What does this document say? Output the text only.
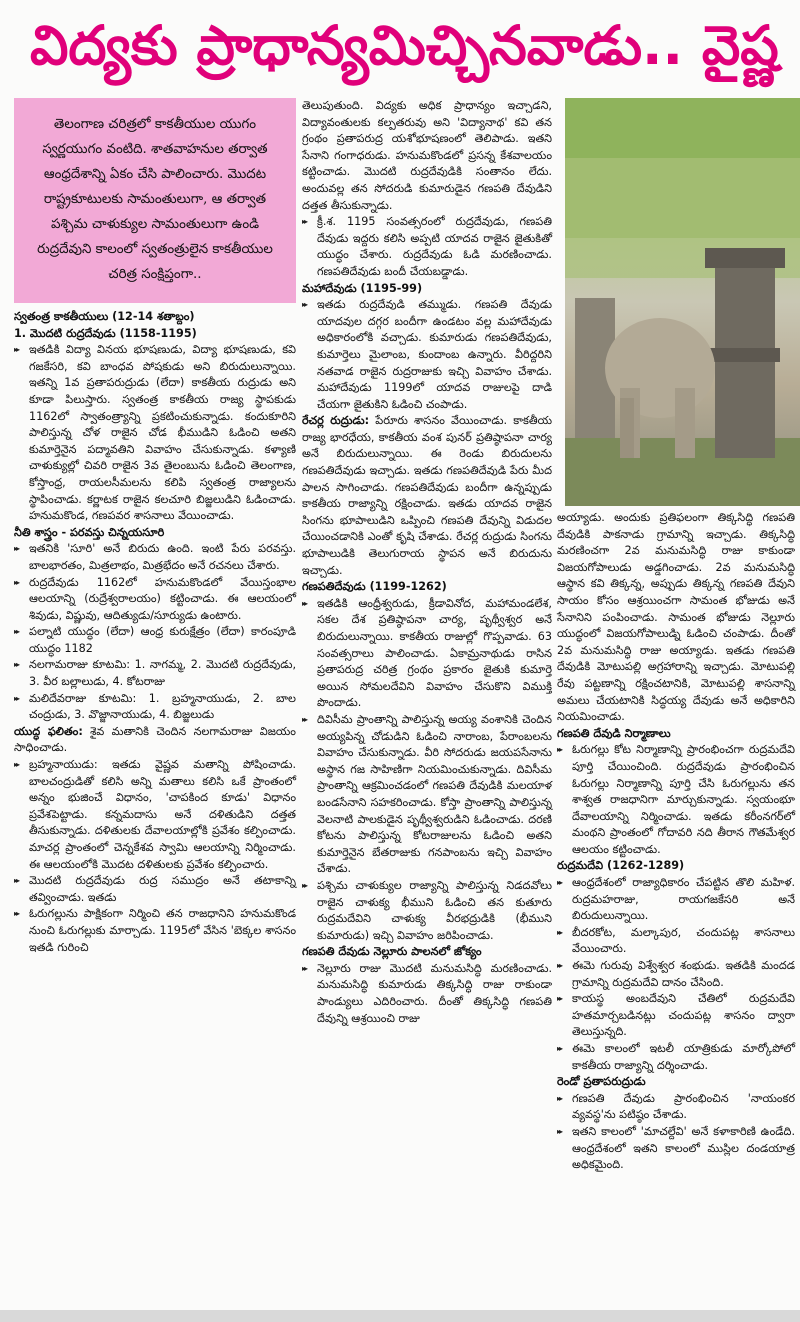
విద్యకు ప్రాధాన్యమిచ్చినవాడు.. వైష్ణ
తెలంగాణ చరిత్రలో కాకతీయుల యుగం స్వర్ణయుగం వంటిది. శాతవాహనుల తర్వాత ఆంధ్రదేశాన్ని ఏకం చేసి పాలించారు. మొదట రాష్ట్రకూటులకు సామంతులుగా, ఆ తర్వాత పశ్చిమ చాళుక్యుల సామంతులుగా ఉండి రుద్రదేవుని కాలంలో స్వతంత్రులైన కాకతీయుల చరిత్ర సంక్షిప్తంగా..
స్వతంత్ర కాకతీయులు (12-14 శతాబ్దం)
1. మొదటి రుద్రదేవుడు (1158-1195)

▸▸ ఇతడికి విద్యా వినయ భూషణుడు, విద్యా భూషణుడు, కవి గజకేసరి, కవి బాంధవ పోషకుడు అని బిరుదులున్నాయి. ఇతన్ని 1వ ప్రతాపరుద్రుడు (లేదా) కాకతీయ రుద్రుడు అని కూడా పిలుస్తారు. స్వతంత్ర కాకతీయ రాజ్య స్థాపకుడు 1162లో స్వాతంత్ర్యాన్ని ప్రకటించుకున్నాడు. కందుకూరిని పాలిస్తున్న చోళ రాజైన చోడ భీముడిని ఓడించి అతని కుమార్తెనైన పద్మావతిని వివాహం చేసుకున్నాడు. కళ్యాణి చాళుక్యుల్లో చివరి రాజైన 3వ తైలంబును ఓడించి తెలంగాణ, కోస్తాంధ్ర, రాయలసీమలను కలిపి స్వతంత్ర రాజ్యాలను స్థాపించాడు. కర్ణాటక రాజైన కలచూరి బిజ్జలుడిని ఓడించాడు. హనుమకొండ, గణపవర శాసనాలు వేయించాడు.

నీతి శాస్త్రం - పరవస్తు చిన్నయసూరి

▸▸ ఇతనికి 'సూరి' అనే బిరుదు ఉంది. ఇంటి పేరు పరవస్తు. బాలభారతం, మిత్రలాభం, మిత్రభేదం అనే రచనలు చేశారు.

▸▸ రుద్రదేవుడు 1162లో హనుమకొండలో వేయిస్తంభాల ఆలయాన్ని (రుద్రేశ్వరాలయం) కట్టించాడు. ఈ ఆలయంలో శివుడు, విష్ణువు, ఆదిత్యుడు/సూర్యుడు ఉంటారు.

▸▸ పల్నాటి యుద్ధం (లేదా) ఆంధ్ర కురుక్షేత్రం (లేదా) కారంపూడి యుద్ధం 1182

▸▸ నలగామరాజు కూటమి: 1. నాగమ్మ, 2. మొదటి రుద్రదేవుడు, 3. వీర బల్లాలుడు, 4. కోటరాజు

▸▸ మలిదేవరాజు కూటమి: 1. బ్రహ్మనాయుడు, 2. బాల చంద్రుడు, 3. వొజ్జానాయుడు, 4. బిజ్జలుడు

యుద్ధ ఫలితం: శైవ మతానికి చెందిన నలగామరాజు విజయం సాధించాడు.

▸▸ బ్రహ్మనాయుడు: ఇతడు వైష్ణవ మతాన్ని పోషించాడు. బాలచంద్రుడితో కలిసి అన్ని మతాలు కలిసి ఒకే ప్రాంతంలో అన్నం భుజించే విధానం, 'చాపకింద కూడు' విధానం ప్రవేశపెట్టాడు. కన్నమదాసు అనే దళితుడిని దత్తత తీసుకున్నాడు. దళితులకు దేవాలయాల్లోకి ప్రవేశం కల్పించాడు. మాచర్ల ప్రాంతంలో చెన్నకేశవ స్వామి ఆలయాన్ని నిర్మించాడు. ఈ ఆలయంలోకి మొదట దళితులకు ప్రవేశం కల్పించారు.

▸▸ మొదటి రుద్రదేవుడు రుద్ర సముద్రం అనే తటాకాన్ని తవ్వించాడు. ఇతడు

▸▸ ఓరుగల్లును పాక్షికంగా నిర్మించి తన రాజధానిని హనుమకొండ నుంచి ఓరుగల్లుకు మార్చాడు. 1195లో వేసిన 'బెక్కల శాసనం ఇతడి గురించి

తెలుపుతుంది. విద్యకు అధిక ప్రాధాన్యం ఇచ్చాడని, విద్యావంతులకు కల్పతరువు అని 'విద్యానాథ' కవి తన గ్రంథం ప్రతాపరుద్ర యశోభూషణంలో తెలిపాడు. ఇతని సేనాని గంగాధరుడు. హనుమకొండలో ప్రసన్న కేశవాలయం కట్టించాడు. మొదటి రుద్రదేవుడికి సంతానం లేదు. అందువల్ల తన సోదరుడి కుమారుడైన గణపతి దేవుడిని దత్తత తీసుకున్నాడు.

▸▸ క్రీ.శ. 1195 సంవత్సరంలో రుద్రదేవుడు, గణపతి దేవుడు ఇద్దరు కలిసి అప్పటి యాదవ రాజైన జైతుకితో యుద్ధం చేశారు. రుద్రదేవుడు ఓడి మరణించాడు. గణపతిదేవుడు బందీ చేయబడ్డాడు.

మహాదేవుడు (1195-99)

▸▸ ఇతడు రుద్రదేవుడి తమ్ముడు. గణపతి దేవుడు యాదవుల దగ్గర బందీగా ఉండటం వల్ల మహాదేవుడు అధికారంలోకి వచ్చాడు. కుమారుడు గణపతిదేవుడు, కుమార్తెలు మైలాంబ, కుందాంబ ఉన్నారు. వీరిద్దరిని నతవాడ రాజైన రుద్రరాజుకు ఇచ్చి వివాహం చేశాడు. మహాదేవుడు 1199లో యాదవ రాజులపై దాడి చేయగా జైతుకిని ఓడించి చంపాడు.

రేచర్ల రుద్రుడు: పేరూరు శాసనం వేయించాడు. కాకతీయ రాజ్య భారధేయ, కాకతీయ వంశ పునర్ ప్రతిష్ఠాపనా చార్య అనే బిరుదులున్నాయి. ఈ రెండు బిరుదులను గణపతిదేవుడు ఇచ్చాడు. ఇతడు గణపతిదేవుడి పేరు మీద పాలన సాగించాడు. గణపతిదేవుడు బందీగా ఉన్నప్పుడు కాకతీయ రాజ్యాన్ని రక్షించాడు. ఇతడు యాదవ రాజైన సింగను భూపాలుడిని ఒప్పించి గణపతి దేవున్ని విడుదల చేయించడానికి ఎంతో కృషి చేశాడు. రేచర్ల రుద్రుడు సింగను భూపాలుడికి తెలుగురాయ స్థాపన అనే బిరుదును ఇచ్చాడు.

గణపతిదేవుడు (1199-1262)

▸▸ ఇతడికి ఆంధ్రీశ్వరుడు, క్రీడావినోద, మహామండలేశ, సకల దేశ ప్రతిష్ఠాపనా చార్య, పృథ్వీశ్వర అనే బిరుదులున్నాయి. కాకతీయ రాజుల్లో గొప్పవాడు. 63 సంవత్సరాలు పాలించాడు. ఏకామ్రనాథుడు రాసిన ప్రతాపరుద్ర చరిత్ర గ్రంథం ప్రకారం జైతుకి కుమార్తె అయిన సోమలదేవిని వివాహం చేసుకొని విముక్తి పొందాడు.

▸▸ దివిసీమ ప్రాంతాన్ని పాలిస్తున్న అయ్య వంశానికి చెందిన అయ్యపిన్న చోడుడిని ఓడించి నారాంబ, పేరాంబలను వివాహం చేసుకున్నాడు. వీరి సోదరుడు జయపసేనాను అస్థాన గజ సాహిణిగా నియమించుకున్నాడు. దివిసీమ ప్రాంతాన్ని ఆక్రమించడంలో గణపతి దేవుడికి మలయాళ బండసేనాని సహకరించాడు. కోస్తా ప్రాంతాన్ని పాలిస్తున్న వెలనాటి పాలకుడైన పృథ్వీశ్వరుడిని ఓడించాడు. దరణి కోటను పాలిస్తున్న కోటరాజులను ఓడించి అతని కుమార్తెనైన బేతరాజుకు గనపాంబను ఇచ్చి వివాహం చేశాడు.

▸▸ పశ్చిమ చాళుక్యుల రాజ్యాన్ని పాలిస్తున్న నిడదవోలు రాజైన చాళుక్య భీముని ఓడించి తన కుతూరు రుద్రమదేవిని చాళుక్య వీరభద్రుడికి (భీముని కుమారుడు) ఇచ్చి వివాహం జరిపించాడు.

గణపతి దేవుడు నెల్లూరు పాలనలో జోక్యం

▸▸ నెల్లూరు రాజు మొదటి మనుమసిద్ధి మరణించాడు. మనుమసిద్ధి కుమారుడు తిక్కసిద్ధి రాజు రాకుండా పాండ్యులు ఎదిరించారు. దీంతో తిక్కసిద్ధి గణపతి దేవున్ని ఆశ్రయించి రాజు

అయ్యాడు. అందుకు ప్రతిఫలంగా తిక్కసిద్ధి గణపతి దేవుడికి పాకనాడు గ్రామాన్ని ఇచ్చాడు. తిక్కసిద్ధి మరణించగా 2వ మనుమసిద్ధి రాజు కాకుండా విజయగోపాలుడు అడ్డగించాడు. 2వ మనుమసిద్ధి ఆస్థాన కవి తిక్కన్న, అప్పుడు తిక్కన్న గణపతి దేవుని సాయం కోసం ఆశ్రయించగా సామంత భోజుడు అనే సేనానిని పంపించాడు. సామంత భోజుడు నెల్లూరు యుద్ధంలో విజయగోపాలుడ్ని ఓడించి చంపాడు. దీంతో 2వ మనుమసిద్ధి రాజు అయ్యాడు. ఇతడు గణపతి దేవుడికి మోటుపల్లి అగ్రహారాన్ని ఇచ్చాడు. మోటుపల్లి రేవు పట్టణాన్ని రక్షించటానికి, మోటుపల్లి శాసనాన్ని అమలు చేయటానికి సిద్ధయ్య దేవుడు అనే అధికారిని నియమించాడు.

గణపతి దేవుడి నిర్మాణాలు

▸▸ ఓరుగల్లు కోట నిర్మాణాన్ని ప్రారంభించగా రుద్రమదేవి పూర్తి చేయించింది. రుద్రదేవుడు ప్రారంభించిన ఓరుగల్లు నిర్మాణాన్ని పూర్తి చేసి ఓరుగల్లును తన శాశ్వత రాజధానిగా మార్చుకున్నాడు. స్వయంభూ దేవాలయాన్ని నిర్మించాడు. ఇతడు కరీంనగర్‌లో మంథని ప్రాంతంలో గోదావరి నది తీరాన గౌతమేశ్వర ఆలయం కట్టించాడు.

రుద్రమదేవి (1262-1289)

▸▸ ఆంధ్రదేశంలో రాజ్యాధికారం చేపట్టిన తొలి మహిళ. రుద్రమహరాజు, రాయగజకేసరి అనే బిరుదులున్నాయి.

▸▸ బీదరకోట, మల్కాపుర, చందుపట్ల శాసనాలు వేయించారు.

▸▸ ఈమె గురువు విశ్వేశ్వర శంభుడు. ఇతడికి మందడ గ్రామాన్ని రుద్రమదేవి దానం చేసింది.

▸▸ కాయస్థ అంబదేవుని చేతిలో రుద్రమదేవి హతమార్చబడినట్లు చందుపట్ల శాసనం ద్వారా తెలుస్తున్నది.

▸▸ ఈమె కాలంలో ఇటలీ యాత్రికుడు మార్కోపోలో కాకతీయ రాజ్యాన్ని దర్శించాడు.

రెండో ప్రతాపరుద్రుడు

▸▸ గణపతి దేవుడు ప్రారంభించిన 'నాయంకర వ్యవస్థ'ను పటిష్ఠం చేశాడు.

▸▸ ఇతని కాలంలో 'మాచల్దేవి' అనే కళాకారిణి ఉండేది. ఆంధ్రదేశంలో ఇతని కాలంలో ముస్లిల దండయాత్ర అధికమైంది.
